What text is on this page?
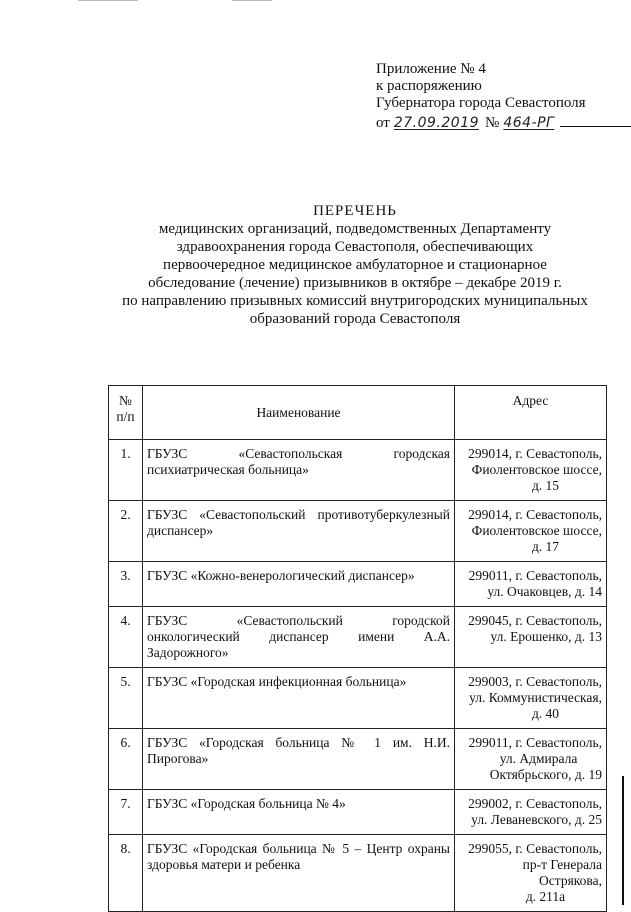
Приложение № 4
к распоряжению
Губернатора города Севастополя
от 27.09.2019 № 464-РГ
ПЕРЕЧЕНЬ
медицинских организаций, подведомственных Департаменту
здравоохранения города Севастополя, обеспечивающих
первоочередное медицинское амбулаторное и стационарное
обследование (лечение) призывников в октябре – декабре 2019 г.
по направлению призывных комиссий внутригородских муниципальных
образований города Севастополя
№
п/п	Наименование	Адрес
1.	ГБУЗС «Севастопольская городская психиатрическая больница»	299014, г. Севастополь,
Фиолентовское шоссе,
д. 15

2.	ГБУЗС «Севастопольский противотуберкулезный диспансер»	299014, г. Севастополь,
Фиолентовское шоссе,
д. 17

3.	ГБУЗС «Кожно-венерологический диспансер»	299011, г. Севастополь,
ул. Очаковцев, д. 14

4.	ГБУЗС «Севастопольский городской онкологический диспансер имени А.А. Задорожного»	299045, г. Севастополь,
ул. Ерошенко, д. 13

5.	ГБУЗС «Городская инфекционная больница»	299003, г. Севастополь,
ул. Коммунистическая,
д. 40

6.	ГБУЗС «Городская больница № 1 им. Н.И. Пирогова»	299011, г. Севастополь,
ул. Адмирала
Октябрьского, д. 19

7.	ГБУЗС «Городская больница № 4»	299002, г. Севастополь,
ул. Леваневского, д. 25

8.	ГБУЗС «Городская больница № 5 – Центр охраны здоровья матери и ребенка	299055, г. Севастополь,
пр-т Генерала Острякова,
д. 211а
